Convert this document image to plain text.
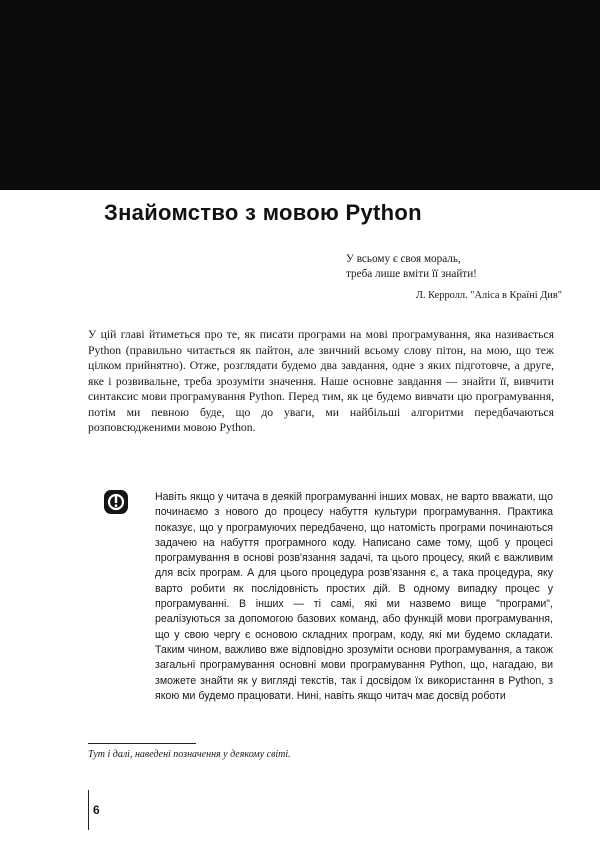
Знайомство з мовою Python
У всьому є своя мораль,
треба лише вміти її знайти!
Л. Керролл. "Аліса в Країні Див"

У цій главі йтиметься про те, як писати програми на мові програмування, яка називається Python (правильно читається як пайтон, але звичний всьому слову пітон, на мою, що теж цілком прийнятно). Отже, розглядати будемо два завдання, одне з яких підготовче, а друге, яке і розвивальне, треба зрозуміти значення. Наше основне завдання — знайти її, вивчити синтаксис мови програмування Python. Перед тим, як це будемо вивчати цю програмування, потім ми певною буде, що до уваги, ми найбільші алгоритми передбачаються розповсюдженими мовою Python.

Навіть якщо у читача в деякій програмуванні інших мовах, не варто вважати, що починаємо з нового до процесу набуття культури програмування. Практика показує, що у програмуючих передбачено, що натомість програми починаються задачею на набуття програмного коду. Написано саме тому, щоб у процесі програмування в основі розв'язання задачі, та цього процесу, який є важливим для всіх програм. А для цього процедура розв'язання є, а така процедура, яку варто робити як послідовність простих дій. В одному випадку процес у програмуванні. В інших — ті самі, які ми назвемо вище "програми", реалізуються за допомогою базових команд, або функцій мови програмування, що у свою чергу є основою складних програм, коду, які ми будемо складати. Таким чином, важливо вже відповідно зрозуміти основи програмування, а також загальні програмування основні мови програмування Python, що, нагадаю, ви зможете знайти як у вигляді текстів, так і досвідом їх використання в Python, з якою ми будемо працювати. Нині, навіть якщо читач має досвід роботи

Тут і далі, наведені позначення у деякому світі.

6
